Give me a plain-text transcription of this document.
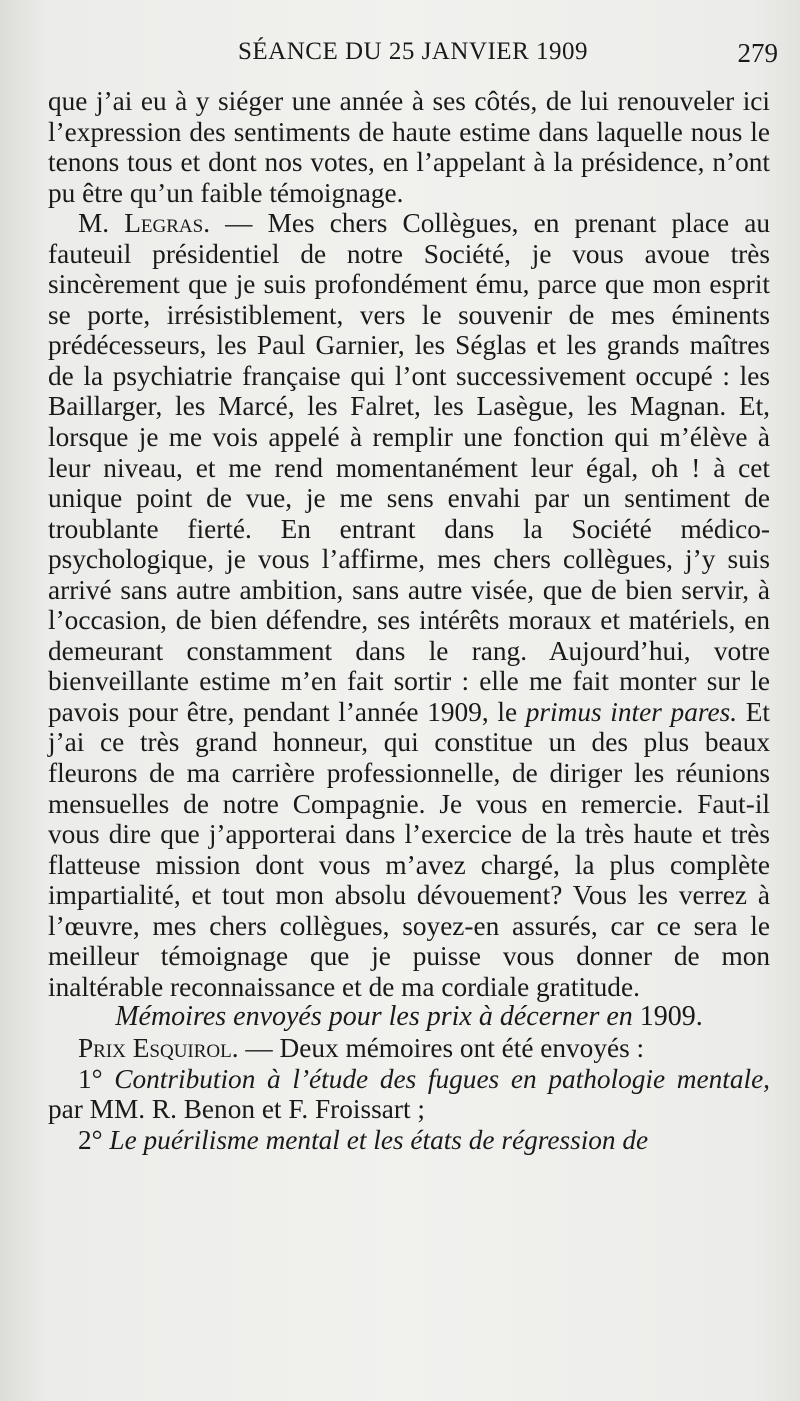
SÉANCE DU 25 JANVIER 1909	279

que j’ai eu à y siéger une année à ses côtés, de lui renouveler ici l’expression des sentiments de haute estime dans laquelle nous le tenons tous et dont nos votes, en l’appelant à la présidence, n’ont pu être qu’un faible témoignage.

M. Legras. — Mes chers Collègues, en prenant place au fauteuil présidentiel de notre Société, je vous avoue très sincèrement que je suis profondément ému, parce que mon esprit se porte, irrésistiblement, vers le souvenir de mes éminents prédécesseurs, les Paul Garnier, les Séglas et les grands maîtres de la psychiatrie française qui l’ont successivement occupé : les Baillarger, les Marcé, les Falret, les Lasègue, les Magnan. Et, lorsque je me vois appelé à remplir une fonction qui m’élève à leur niveau, et me rend momentanément leur égal, oh ! à cet unique point de vue, je me sens envahi par un sentiment de troublante fierté. En entrant dans la Société médico-psychologique, je vous l’affirme, mes chers collègues, j’y suis arrivé sans autre ambition, sans autre visée, que de bien servir, à l’occasion, de bien défendre, ses intérêts moraux et matériels, en demeurant constamment dans le rang. Aujourd’hui, votre bienveillante estime m’en fait sortir : elle me fait monter sur le pavois pour être, pendant l’année 1909, le primus inter pares. Et j’ai ce très grand honneur, qui constitue un des plus beaux fleurons de ma carrière professionnelle, de diriger les réunions mensuelles de notre Compagnie. Je vous en remercie. Faut-il vous dire que j’apporterai dans l’exercice de la très haute et très flatteuse mission dont vous m’avez chargé, la plus complète impartialité, et tout mon absolu dévouement? Vous les verrez à l’œuvre, mes chers collègues, soyez-en assurés, car ce sera le meilleur témoignage que je puisse vous donner de mon inaltérable reconnaissance et de ma cordiale gratitude.

Mémoires envoyés pour les prix à décerner en 1909.

Prix Esquirol. — Deux mémoires ont été envoyés :

1° Contribution à l’étude des fugues en pathologie mentale, par MM. R. Benon et F. Froissart ;

2° Le puérilisme mental et les états de régression de
